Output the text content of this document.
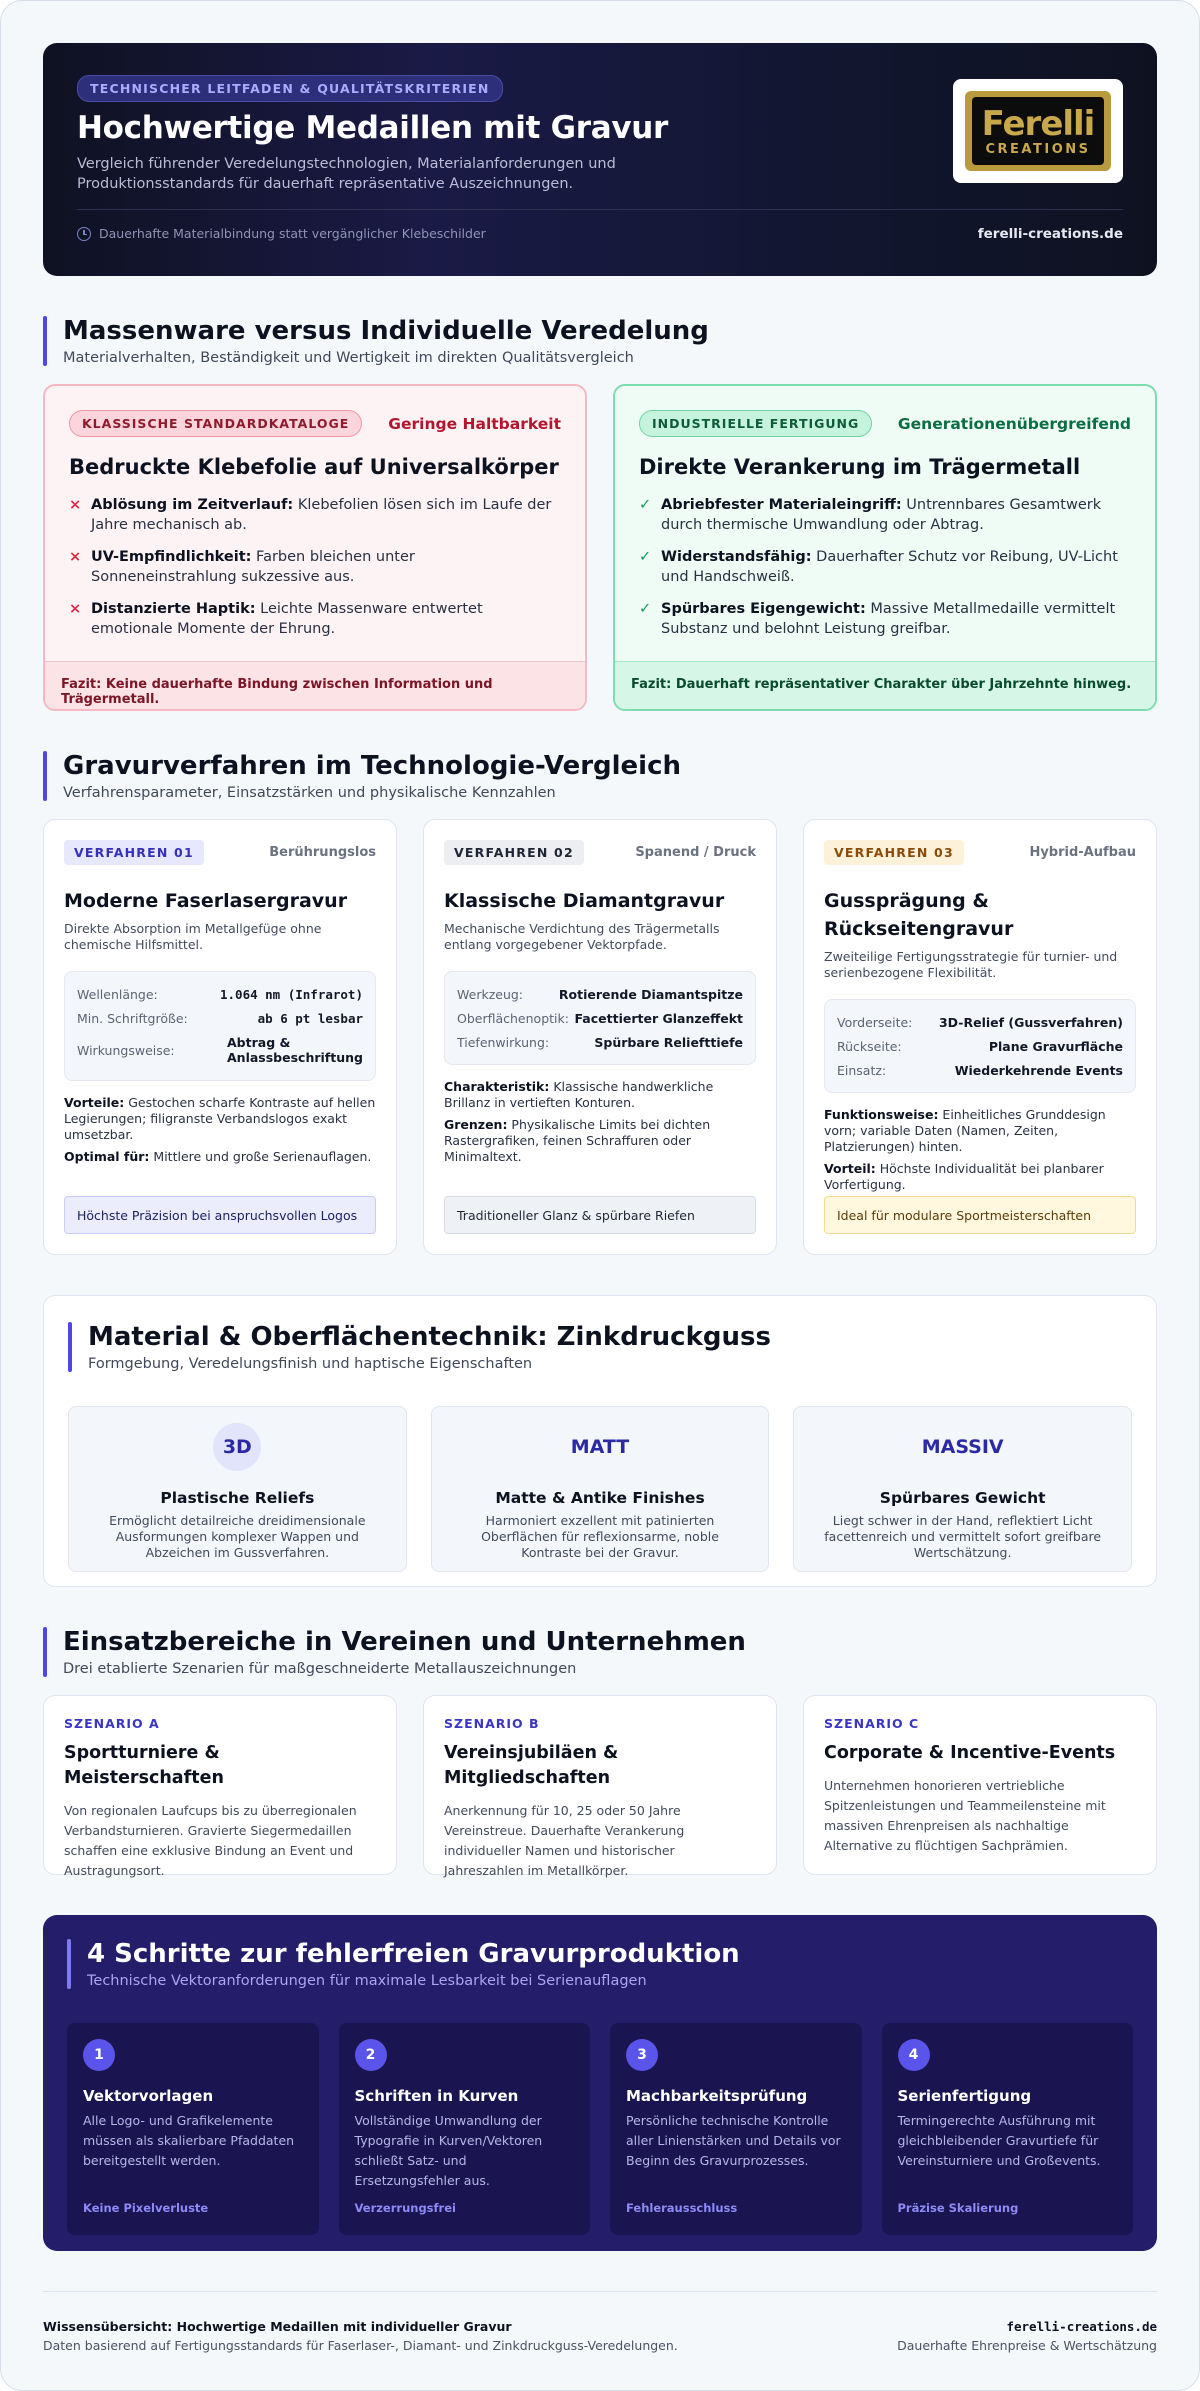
TECHNISCHER LEITFADEN & QUALITÄTSKRITERIEN
Hochwertige Medaillen mit Gravur

Vergleich führender Veredelungstechnologien, Materialanforderungen und Produktionsstandards für dauerhaft repräsentative Auszeichnungen.

Ferelli
CREATIONS
Dauerhafte Materialbindung statt vergänglicher Klebeschilder	ferelli-creations.de
Massenware versus Individuelle Veredelung
Materialverhalten, Beständigkeit und Wertigkeit im direkten Qualitätsvergleich
KLASSISCHE STANDARDKATALOGE	Geringe Haltbarkeit
Bedruckte Klebefolie auf Universalkörper
× Ablösung im Zeitverlauf: Klebefolien lösen sich im Laufe der Jahre mechanisch ab.
× UV-Empfindlichkeit: Farben bleichen unter Sonneneinstrahlung sukzessive aus.
× Distanzierte Haptik: Leichte Massenware entwertet emotionale Momente der Ehrung.
Fazit: Keine dauerhafte Bindung zwischen Information und Trägermetall.
INDUSTRIELLE FERTIGUNG	Generationenübergreifend
Direkte Verankerung im Trägermetall
✓ Abriebfester Materialeingriff: Untrennbares Gesamtwerk durch thermische Umwandlung oder Abtrag.
✓ Widerstandsfähig: Dauerhafter Schutz vor Reibung, UV-Licht und Handschweiß.
✓ Spürbares Eigengewicht: Massive Metallmedaille vermittelt Substanz und belohnt Leistung greifbar.
Fazit: Dauerhaft repräsentativer Charakter über Jahrzehnte hinweg.
Gravurverfahren im Technologie-Vergleich
Verfahrensparameter, Einsatzstärken und physikalische Kennzahlen
VERFAHREN 01	Berührungslos
Moderne Faserlasergravur
Direkte Absorption im Metallgefüge ohne chemische Hilfsmittel.
Wellenlänge:	1.064 nm (Infrarot)
Min. Schriftgröße:	ab 6 pt lesbar
Wirkungsweise:	Abtrag & Anlassbeschriftung

Vorteile: Gestochen scharfe Kontraste auf hellen Legierungen; filigranste Verbandslogos exakt umsetzbar.

Optimal für: Mittlere und große Serienauflagen.

Höchste Präzision bei anspruchsvollen Logos
VERFAHREN 02	Spanend / Druck
Klassische Diamantgravur
Mechanische Verdichtung des Trägermetalls entlang vorgegebener Vektorpfade.
Werkzeug:	Rotierende Diamantspitze
Oberflächenoptik: Facettierter Glanzeffekt
Tiefenwirkung:	Spürbare Reliefttiefe

Charakteristik: Klassische handwerkliche Brillanz in vertieften Konturen.

Grenzen: Physikalische Limits bei dichten Rastergrafiken, feinen Schraffuren oder Minimaltext.

Traditioneller Glanz & spürbare Riefen
VERFAHREN 03	Hybrid-Aufbau
Gussprägung & Rückseitengravur
Zweiteilige Fertigungsstrategie für turnier- und serienbezogene Flexibilität.
Vorderseite: 3D-Relief (Gussverfahren)
Rückseite:	Plane Gravurfläche
Einsatz:	Wiederkehrende Events

Funktionsweise: Einheitliches Grunddesign vorn; variable Daten (Namen, Zeiten, Platzierungen) hinten.

Vorteil: Höchste Individualität bei planbarer Vorfertigung.

Ideal für modulare Sportmeisterschaften
Material & Oberflächentechnik: Zinkdruckguss
Formgebung, Veredelungsfinish und haptische Eigenschaften
3D
Plastische Reliefs

Ermöglicht detailreiche dreidimensionale Ausformungen komplexer Wappen und Abzeichen im Gussverfahren.

MATT
Matte & Antike Finishes

Harmoniert exzellent mit patinierten Oberflächen für reflexionsarme, noble Kontraste bei der Gravur.

MASSIV
Spürbares Gewicht

Liegt schwer in der Hand, reflektiert Licht facettenreich und vermittelt sofort greifbare Wertschätzung.

Einsatzbereiche in Vereinen und Unternehmen
Drei etablierte Szenarien für maßgeschneiderte Metallauszeichnungen
SZENARIO A
Sportturniere & Meisterschaften

Von regionalen Laufcups bis zu überregionalen Verbandsturnieren. Gravierte Siegermedaillen schaffen eine exklusive Bindung an Event und Austragungsort.

SZENARIO B
Vereinsjubiläen & Mitgliedschaften

Anerkennung für 10, 25 oder 50 Jahre Vereinstreue. Dauerhafte Verankerung individueller Namen und historischer Jahreszahlen im Metallkörper.

SZENARIO C
Corporate & Incentive-Events

Unternehmen honorieren vertriebliche Spitzenleistungen und Teammeilensteine mit massiven Ehrenpreisen als nachhaltige Alternative zu flüchtigen Sachprämien.

4 Schritte zur fehlerfreien Gravurproduktion
Technische Vektoranforderungen für maximale Lesbarkeit bei Serienauflagen
1
Vektorvorlagen

Alle Logo- und Grafikelemente müssen als skalierbare Pfaddaten bereitgestellt werden.

Keine Pixelverluste
2
Schriften in Kurven

Vollständige Umwandlung der Typografie in Kurven/Vektoren schließt Satz- und Ersetzungsfehler aus.

Verzerrungsfrei
3
Machbarkeitsprüfung

Persönliche technische Kontrolle aller Linienstärken und Details vor Beginn des Gravurprozesses.

Fehlerausschluss
4
Serienfertigung

Termingerechte Ausführung mit gleichbleibender Gravurtiefe für Vereinsturniere und Großevents.

Präzise Skalierung
Wissensübersicht: Hochwertige Medaillen mit individueller Gravur
Daten basierend auf Fertigungsstandards für Faserlaser-, Diamant- und Zinkdruckguss-Veredelungen.
ferelli-creations.de
Dauerhafte Ehrenpreise & Wertschätzung
